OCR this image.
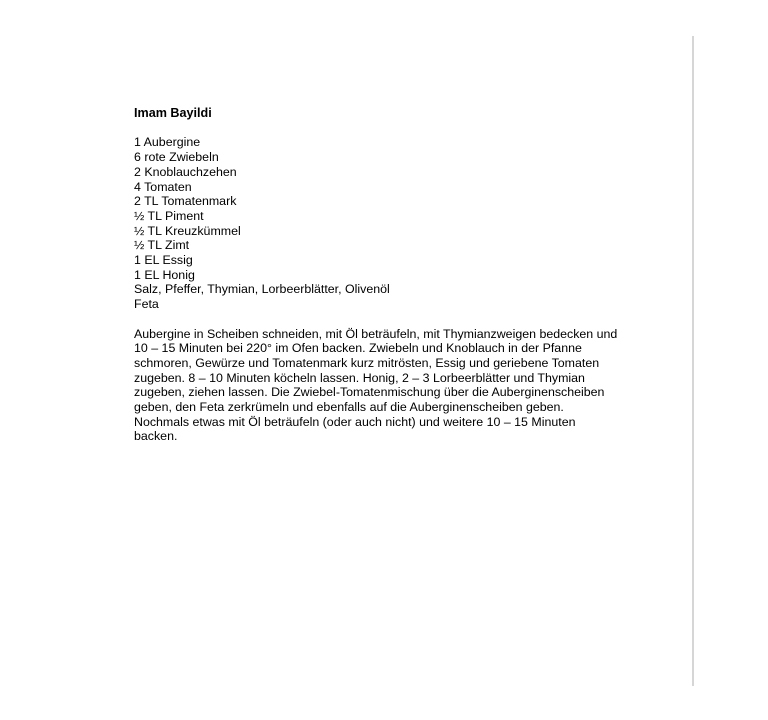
Imam Bayildi
1 Aubergine
6 rote Zwiebeln
2 Knoblauchzehen
4 Tomaten
2 TL Tomatenmark
½ TL Piment
½ TL Kreuzkümmel
½ TL Zimt
1 EL Essig
1 EL Honig
Salz, Pfeffer, Thymian, Lorbeerblätter, Olivenöl
Feta

Aubergine in Scheiben schneiden, mit Öl beträufeln, mit Thymianzweigen bedecken und 10 – 15 Minuten bei 220° im Ofen backen. Zwiebeln und Knoblauch in der Pfanne schmoren, Gewürze und Tomatenmark kurz mitrösten, Essig und geriebene Tomaten zugeben. 8 – 10 Minuten köcheln lassen. Honig, 2 – 3 Lorbeerblätter und Thymian zugeben, ziehen lassen. Die Zwiebel-Tomatenmischung über die Auberginenscheiben geben, den Feta zerkrümeln und ebenfalls auf die Auberginenscheiben geben. Nochmals etwas mit Öl beträufeln (oder auch nicht) und weitere 10 – 15 Minuten backen.
